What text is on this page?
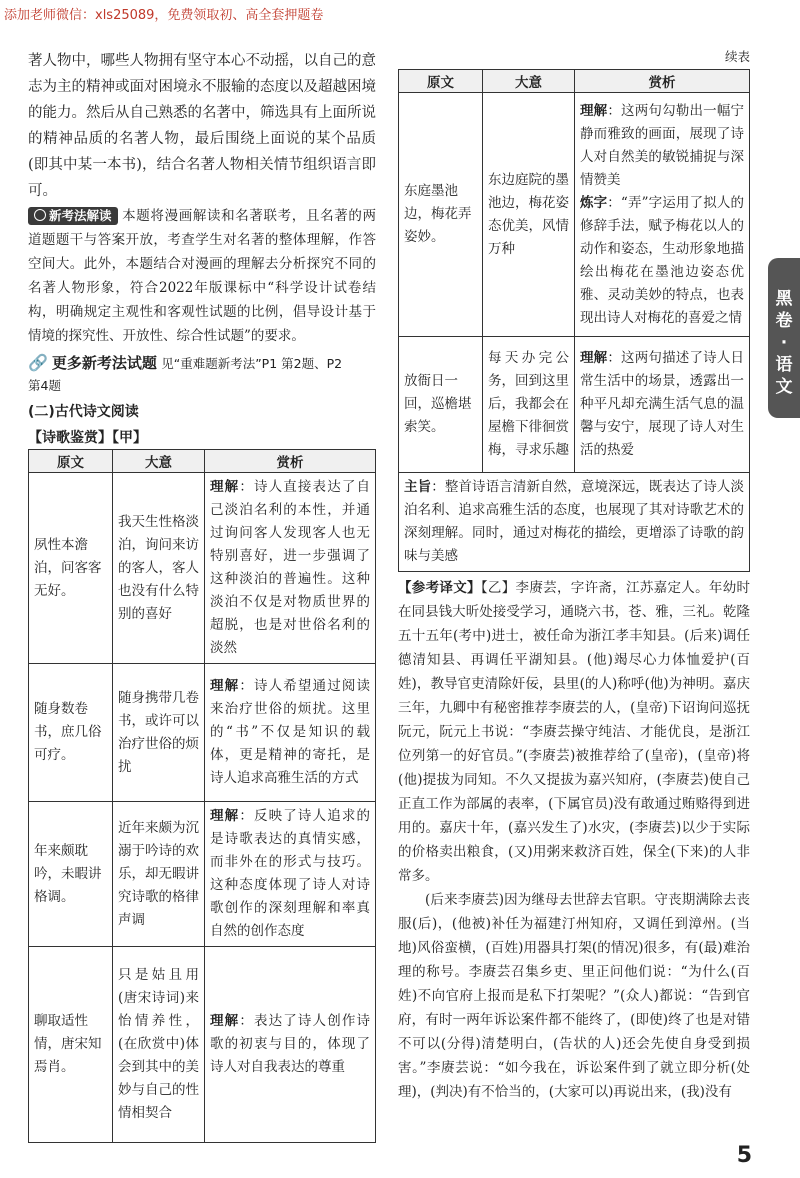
添加老师微信：xls25089，免费领取初、高全套押题卷

著人物中，哪些人物拥有坚守本心不动摇，以自己的意志为主的精神或面对困境永不服输的态度以及超越困境的能力。然后从自己熟悉的名著中，筛选具有上面所说的精神品质的名著人物，最后围绕上面说的某个品质(即其中某一本书)，结合名著人物相关情节组织语言即可。

新考法解读 本题将漫画解读和名著联考，且名著的两道题题干与答案开放，考查学生对名著的整体理解，作答空间大。此外，本题结合对漫画的理解去分析探究不同的名著人物形象，符合2022年版课标中“科学设计试卷结构，明确规定主观性和客观性试题的比例，倡导设计基于情境的探究性、开放性、综合性试题”的要求。

🔗 更多新考法试题 见“重难题新考法”P1 第2题、P2
第4题
(二)古代诗文阅读
【诗歌鉴赏】【甲】
原文	大意	赏析
夙性本澹泊，问客客无好。	我天生性格淡泊，询问来访的客人，客人也没有什么特别的喜好	理解：诗人直接表达了自己淡泊名利的本性，并通过询问客人发现客人也无特别喜好，进一步强调了这种淡泊的普遍性。这种淡泊不仅是对物质世界的超脱，也是对世俗名利的淡然
随身数卷书，庶几俗可疗。	随身携带几卷书，或许可以治疗世俗的烦扰	理解：诗人希望通过阅读来治疗世俗的烦扰。这里的“书”不仅是知识的载体，更是精神的寄托，是诗人追求高雅生活的方式
年来颇耽吟，未暇讲格调。	近年来颇为沉溺于吟诗的欢乐，却无暇讲究诗歌的格律声调	理解：反映了诗人追求的是诗歌表达的真情实感，而非外在的形式与技巧。这种态度体现了诗人对诗歌创作的深刻理解和率真自然的创作态度
聊取适性情，唐宋知焉肖。	只是姑且用(唐宋诗词)来怡情养性，(在欣赏中)体会到其中的美妙与自己的性情相契合	理解：表达了诗人创作诗歌的初衷与目的，体现了诗人对自我表达的尊重
续表
原文	大意	赏析
东庭墨池边，梅花弄姿妙。	东边庭院的墨池边，梅花姿态优美，风情万种	理解：这两句勾勒出一幅宁静而雅致的画面，展现了诗人对自然美的敏锐捕捉与深情赞美
炼字：“弄”字运用了拟人的修辞手法，赋予梅花以人的动作和姿态，生动形象地描绘出梅花在墨池边姿态优雅、灵动美妙的特点，也表现出诗人对梅花的喜爱之情
放衙日一回，巡檐堪索笑。	每天办完公务，回到这里后，我都会在屋檐下徘徊赏梅，寻求乐趣	理解：这两句描述了诗人日常生活中的场景，透露出一种平凡却充满生活气息的温馨与安宁，展现了诗人对生活的热爱
主旨：整首诗语言清新自然，意境深远，既表达了诗人淡泊名利、追求高雅生活的态度，也展现了其对诗歌艺术的深刻理解。同时，通过对梅花的描绘，更增添了诗歌的韵味与美感		

【参考译文】【乙】李赓芸，字许斋，江苏嘉定人。年幼时在同县钱大昕处接受学习，通晓六书，苍、雅，三礼。乾隆五十五年(考中)进士，被任命为浙江孝丰知县。(后来)调任德清知县、再调任平湖知县。(他)竭尽心力体恤爱护(百姓)，教导官吏清除奸佞，县里(的人)称呼(他)为神明。嘉庆三年，九卿中有秘密推荐李赓芸的人，(皇帝)下诏询问巡抚阮元，阮元上书说：“李赓芸操守纯洁、才能优良，是浙江位列第一的好官员。”(李赓芸)被推荐给了(皇帝)，(皇帝)将(他)提拔为同知。不久又提拔为嘉兴知府，(李赓芸)使自己正直工作为部属的表率，(下属官员)没有敢通过贿赂得到进用的。嘉庆十年，(嘉兴发生了)水灾，(李赓芸)以少于实际的价格卖出粮食，(又)用粥来救济百姓，保全(下来)的人非常多。

(后来李赓芸)因为继母去世辞去官职。守丧期满除去丧服(后)，(他被)补任为福建汀州知府，又调任到漳州。(当地)风俗蛮横，(百姓)用器具打架(的情况)很多，有(最)难治理的称号。李赓芸召集乡吏、里正问他们说：“为什么(百姓)不向官府上报而是私下打架呢？”(众人)都说：“告到官府，有时一两年诉讼案件都不能终了，(即使)终了也是对错不可以(分得)清楚明白，(告状的人)还会先使自身受到损害。”李赓芸说：“如今我在，诉讼案件到了就立即分析(处理)，(判决)有不恰当的，(大家可以)再说出来，(我)没有

黑
卷
·
语
文
5
